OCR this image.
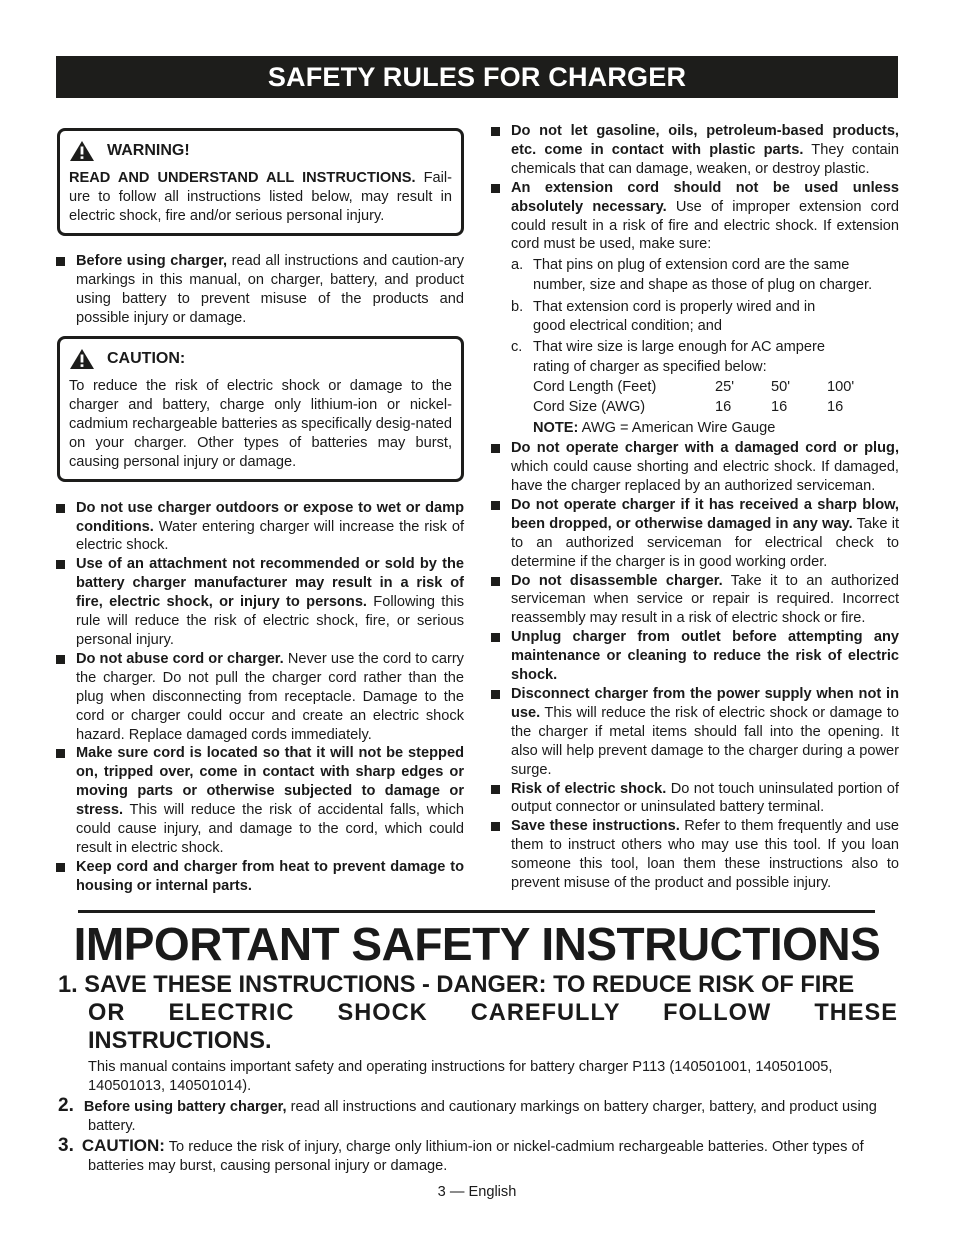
SAFETY RULES FOR CHARGER
WARNING!
READ AND UNDERSTAND ALL INSTRUCTIONS. Fail-ure to follow all instructions listed below, may result in electric shock, fire and/or serious personal injury.
Before using charger, read all instructions and caution-ary markings in this manual, on charger, battery, and product using battery to prevent misuse of the products and possible injury or damage.
CAUTION:
To reduce the risk of electric shock or damage to the charger and battery, charge only lithium-ion or nickel-cadmium rechargeable batteries as specifically desig-nated on your charger. Other types of batteries may burst, causing personal injury or damage.
Do not use charger outdoors or expose to wet or damp conditions. Water entering charger will increase the risk of electric shock.
Use of an attachment not recommended or sold by the battery charger manufacturer may result in a risk of fire, electric shock, or injury to persons. Following this rule will reduce the risk of electric shock, fire, or serious personal injury.
Do not abuse cord or charger. Never use the cord to carry the charger. Do not pull the charger cord rather than the plug when disconnecting from receptacle. Damage to the cord or charger could occur and create an electric shock hazard. Replace damaged cords immediately.
Make sure cord is located so that it will not be stepped on, tripped over, come in contact with sharp edges or moving parts or otherwise subjected to damage or stress. This will reduce the risk of accidental falls, which could cause injury, and damage to the cord, which could result in electric shock.
Keep cord and charger from heat to prevent damage to housing or internal parts.
Do not let gasoline, oils, petroleum-based products, etc. come in contact with plastic parts. They contain chemicals that can damage, weaken, or destroy plastic.
An extension cord should not be used unless absolutely necessary. Use of improper extension cord could result in a risk of fire and electric shock. If extension cord must be used, make sure:
a. That pins on plug of extension cord are the same
number, size and shape as those of plug on charger.
b. That extension cord is properly wired and in
good electrical condition; and
c. That wire size is large enough for AC ampere
rating of charger as specified below:
Cord Length (Feet)	25'	50'	100'
Cord Size (AWG)	16	16	16
NOTE: AWG = American Wire Gauge
Do not operate charger with a damaged cord or plug, which could cause shorting and electric shock. If damaged, have the charger replaced by an authorized serviceman.
Do not operate charger if it has received a sharp blow, been dropped, or otherwise damaged in any way. Take it to an authorized serviceman for electrical check to determine if the charger is in good working order.
Do not disassemble charger. Take it to an authorized serviceman when service or repair is required. Incorrect reassembly may result in a risk of electric shock or fire.
Unplug charger from outlet before attempting any maintenance or cleaning to reduce the risk of electric shock.
Disconnect charger from the power supply when not in use. This will reduce the risk of electric shock or damage to the charger if metal items should fall into the opening. It also will help prevent damage to the charger during a power surge.
Risk of electric shock. Do not touch uninsulated portion of output connector or uninsulated battery terminal.
Save these instructions. Refer to them frequently and use them to instruct others who may use this tool. If you loan someone this tool, loan them these instructions also to prevent misuse of the product and possible injury.
IMPORTANT SAFETY INSTRUCTIONS
1. SAVE THESE INSTRUCTIONS - DANGER: TO REDUCE RISK OF FIRE
OR ELECTRIC SHOCK CAREFULLY FOLLOW THESE
INSTRUCTIONS.
This manual contains important safety and operating instructions for battery charger P113 (140501001, 140501005, 140501013, 140501014).
2. Before using battery charger, read all instructions and cautionary markings on battery charger, battery, and product using battery.
3. CAUTION: To reduce the risk of injury, charge only lithium-ion or nickel-cadmium rechargeable batteries. Other types of batteries may burst, causing personal injury or damage.
3 — English
